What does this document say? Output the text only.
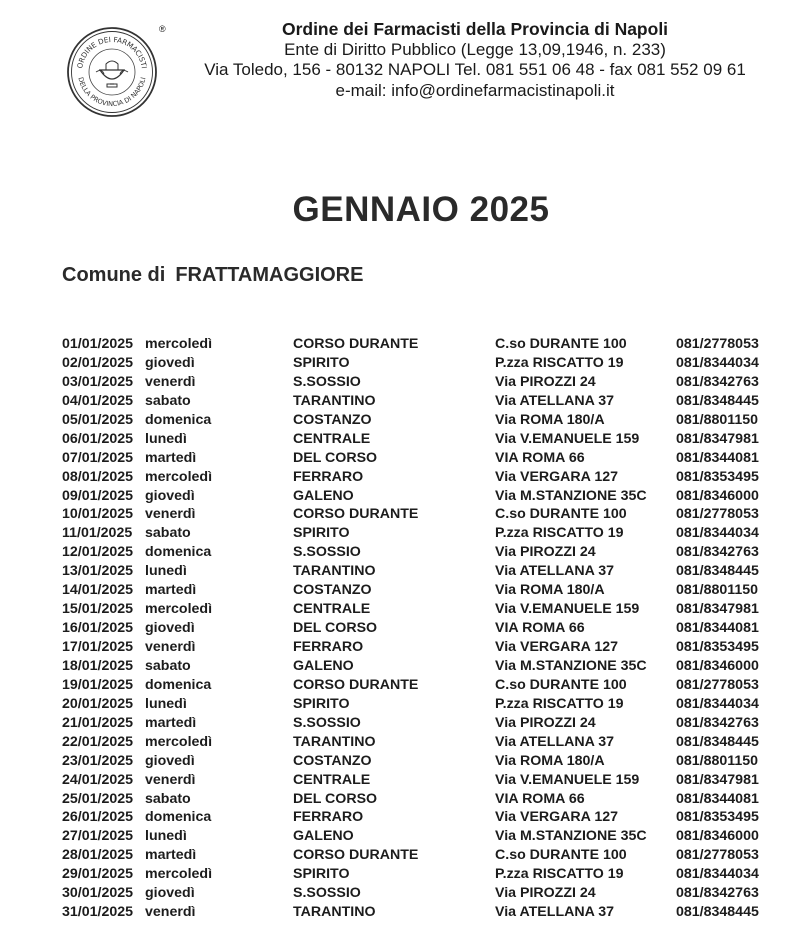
ORDINE DEI FARMACISTI
DELLA PROVINCIA DI NAPOLI
®	Ordine dei Farmacisti della Provincia di Napoli
Ente di Diritto Pubblico (Legge 13,09,1946, n. 233)
Via Toledo, 156 - 80132 NAPOLI Tel. 081 551 06 48 - fax 081 552 09 61
e-mail: info@ordinefarmacistinapoli.it
GENNAIO 2025
Comune di FRATTAMAGGIORE
01/01/2025 mercoledì	CORSO DURANTE	C.so DURANTE 100	081/2778053
02/01/2025 giovedì	SPIRITO	P.zza RISCATTO 19	081/8344034
03/01/2025 venerdì	S.SOSSIO	Via PIROZZI 24	081/8342763
04/01/2025 sabato	TARANTINO	Via ATELLANA 37	081/8348445
05/01/2025 domenica	COSTANZO	Via ROMA 180/A	081/8801150
06/01/2025 lunedì	CENTRALE	Via V.EMANUELE 159	081/8347981
07/01/2025 martedì	DEL CORSO	VIA ROMA 66	081/8344081
08/01/2025 mercoledì	FERRARO	Via VERGARA 127	081/8353495
09/01/2025 giovedì	GALENO	Via M.STANZIONE 35C 081/8346000
10/01/2025 venerdì	CORSO DURANTE	C.so DURANTE 100	081/2778053
11/01/2025 sabato	SPIRITO	P.zza RISCATTO 19	081/8344034
12/01/2025 domenica	S.SOSSIO	Via PIROZZI 24	081/8342763
13/01/2025 lunedì	TARANTINO	Via ATELLANA 37	081/8348445
14/01/2025 martedì	COSTANZO	Via ROMA 180/A	081/8801150
15/01/2025 mercoledì	CENTRALE	Via V.EMANUELE 159	081/8347981
16/01/2025 giovedì	DEL CORSO	VIA ROMA 66	081/8344081
17/01/2025 venerdì	FERRARO	Via VERGARA 127	081/8353495
18/01/2025 sabato	GALENO	Via M.STANZIONE 35C 081/8346000
19/01/2025 domenica	CORSO DURANTE	C.so DURANTE 100	081/2778053
20/01/2025 lunedì	SPIRITO	P.zza RISCATTO 19	081/8344034
21/01/2025 martedì	S.SOSSIO	Via PIROZZI 24	081/8342763
22/01/2025 mercoledì	TARANTINO	Via ATELLANA 37	081/8348445
23/01/2025 giovedì	COSTANZO	Via ROMA 180/A	081/8801150
24/01/2025 venerdì	CENTRALE	Via V.EMANUELE 159	081/8347981
25/01/2025 sabato	DEL CORSO	VIA ROMA 66	081/8344081
26/01/2025 domenica	FERRARO	Via VERGARA 127	081/8353495
27/01/2025 lunedì	GALENO	Via M.STANZIONE 35C 081/8346000
28/01/2025 martedì	CORSO DURANTE	C.so DURANTE 100	081/2778053
29/01/2025 mercoledì	SPIRITO	P.zza RISCATTO 19	081/8344034
30/01/2025 giovedì	S.SOSSIO	Via PIROZZI 24	081/8342763
31/01/2025 venerdì	TARANTINO	Via ATELLANA 37	081/8348445
